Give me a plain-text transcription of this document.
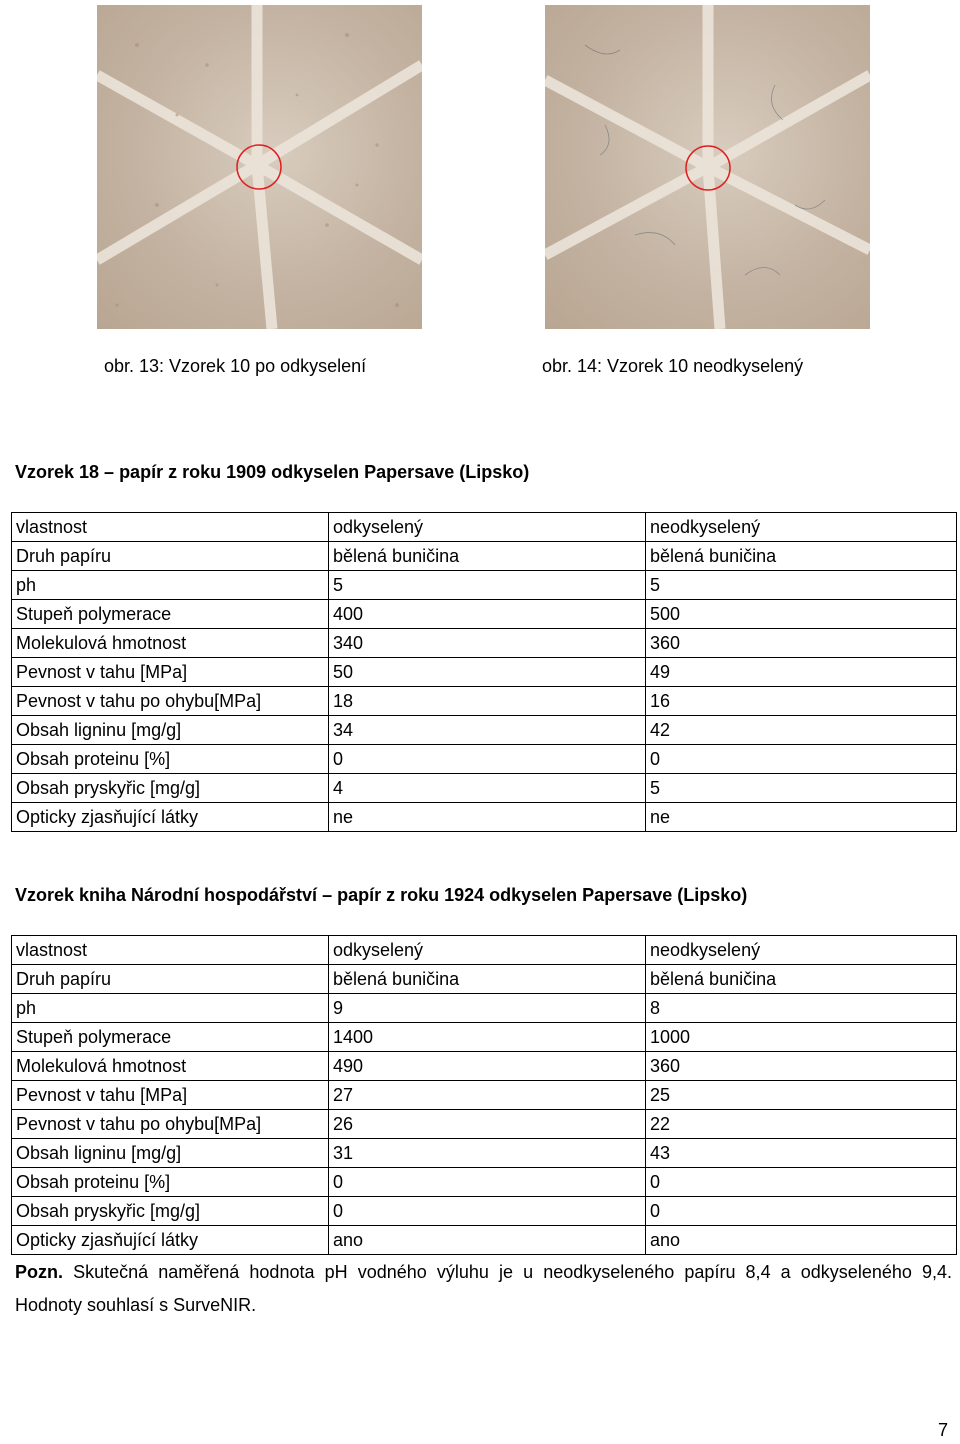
obr. 13: Vzorek 10 po odkyselení	obr. 14: Vzorek 10 neodkyselený
Vzorek 18 – papír z roku 1909 odkyselen Papersave (Lipsko)
vlastnost	odkyselený	neodkyselený
Druh papíru	bělená buničina	bělená buničina
ph	5	5
Stupeň polymerace	400	500
Molekulová hmotnost	340	360
Pevnost v tahu [MPa]	50	49
Pevnost v tahu po ohybu[MPa]	18	16
Obsah ligninu [mg/g]	34	42
Obsah proteinu [%]	0	0
Obsah pryskyřic [mg/g]	4	5
Opticky zjasňující látky	ne	ne
Vzorek kniha Národní hospodářství – papír z roku 1924 odkyselen Papersave (Lipsko)
vlastnost	odkyselený	neodkyselený
Druh papíru	bělená buničina	bělená buničina
ph	9	8
Stupeň polymerace	1400	1000
Molekulová hmotnost	490	360
Pevnost v tahu [MPa]	27	25
Pevnost v tahu po ohybu[MPa]	26	22
Obsah ligninu [mg/g]	31	43
Obsah proteinu [%]	0	0
Obsah pryskyřic [mg/g]	0	0
Opticky zjasňující látky	ano	ano
Pozn. Skutečná naměřená hodnota pH vodného výluhu je u neodkyseleného papíru 8,4 a odkyseleného 9,4. Hodnoty souhlasí s SurveNIR.
7
